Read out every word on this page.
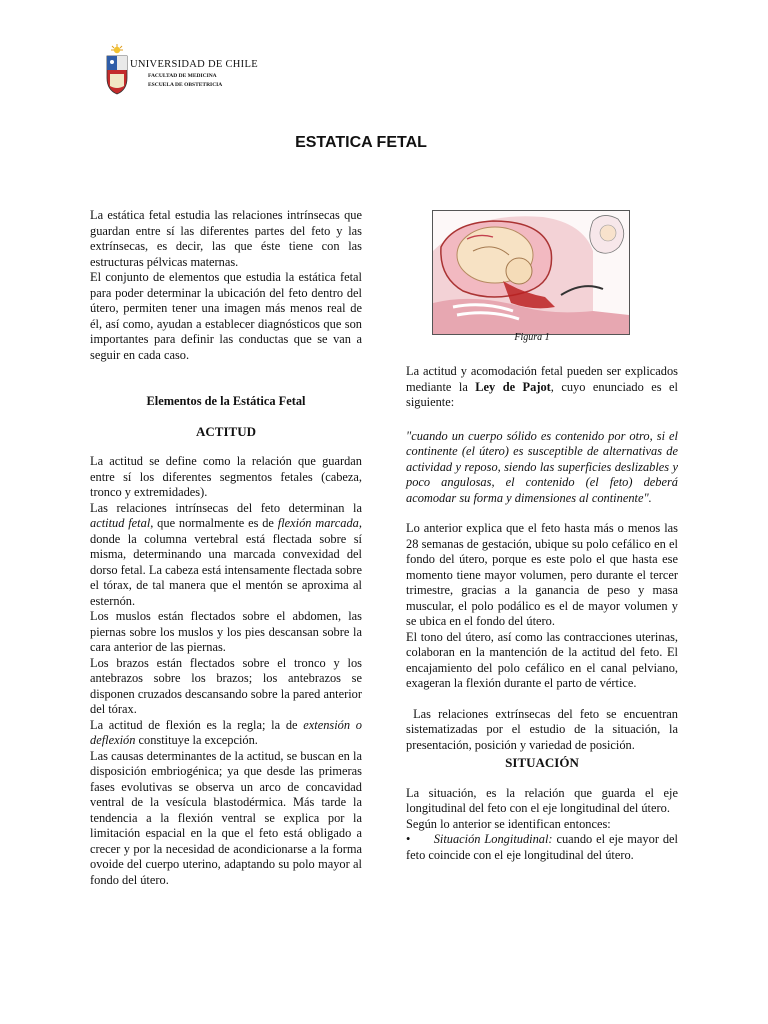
UNIVERSIDAD DE CHILE
FACULTAD DE MEDICINA
ESCUELA DE OBSTETRICIA
ESTATICA FETAL

La estática fetal estudia las relaciones intrínsecas que guardan entre sí las diferentes partes del feto y las extrínsecas, es decir, las que éste tiene con las estructuras pélvicas maternas.

El conjunto de elementos que estudia la estática fetal para poder determinar la ubicación del feto dentro del útero, permiten tener una imagen más menos real de él, así como, ayudan a establecer diagnósticos que son importantes para definir las conductas que se van a seguir en cada caso.

Elementos de la Estática Fetal

ACTITUD

La actitud se define como la relación que guardan entre sí los diferentes segmentos fetales (cabeza, tronco y extremidades).

Las relaciones intrínsecas del feto determinan la actitud fetal, que normalmente es de flexión marcada, donde la columna vertebral está flectada sobre sí misma, determinando una marcada convexidad del dorso fetal. La cabeza está intensamente flectada sobre el tórax, de tal manera que el mentón se aproxima al esternón.

Los muslos están flectados sobre el abdomen, las piernas sobre los muslos y los pies descansan sobre la cara anterior de las piernas.

Los brazos están flectados sobre el tronco y los antebrazos sobre los brazos; los antebrazos se disponen cruzados descansando sobre la pared anterior del tórax.

La actitud de flexión es la regla; la de extensión o deflexión constituye la excepción.

Las causas determinantes de la actitud, se buscan en la disposición embriogénica; ya que desde las primeras fases evolutivas se observa un arco de concavidad ventral de la vesícula blastodérmica. Más tarde la tendencia a la flexión ventral se explica por la limitación espacial en la que el feto está obligado a crecer y por la necesidad de acondicionarse a la forma ovoide del cuerpo uterino, adaptando su polo mayor al fondo del útero.

Figura 1

La actitud y acomodación fetal pueden ser explicados mediante la Ley de Pajot, cuyo enunciado es el siguiente:

"cuando un cuerpo sólido es contenido por otro, si el continente (el útero) es susceptible de alternativas de actividad y reposo, siendo las superficies deslizables y poco angulosas, el contenido (el feto) deberá acomodar su forma y dimensiones al continente".

Lo anterior explica que el feto hasta más o menos las 28 semanas de gestación, ubique su polo cefálico en el fondo del útero, porque es este polo el que hasta ese momento tiene mayor volumen, pero durante el tercer trimestre, gracias a la ganancia de peso y masa muscular, el polo podálico es el de mayor volumen y se ubica en el fondo del útero.

El tono del útero, así como las contracciones uterinas, colaboran en la mantención de la actitud del feto. El encajamiento del polo cefálico en el canal pelviano, exageran la flexión durante el parto de vértice.

Las relaciones extrínsecas del feto se encuentran sistematizadas por el estudio de la situación, la presentación, posición y variedad de posición.

SITUACIÓN

La situación, es la relación que guarda el eje longitudinal del feto con el eje longitudinal del útero.

Según lo anterior se identifican entonces:

• Situación Longitudinal: cuando el eje mayor del feto coincide con el eje longitudinal del útero.
